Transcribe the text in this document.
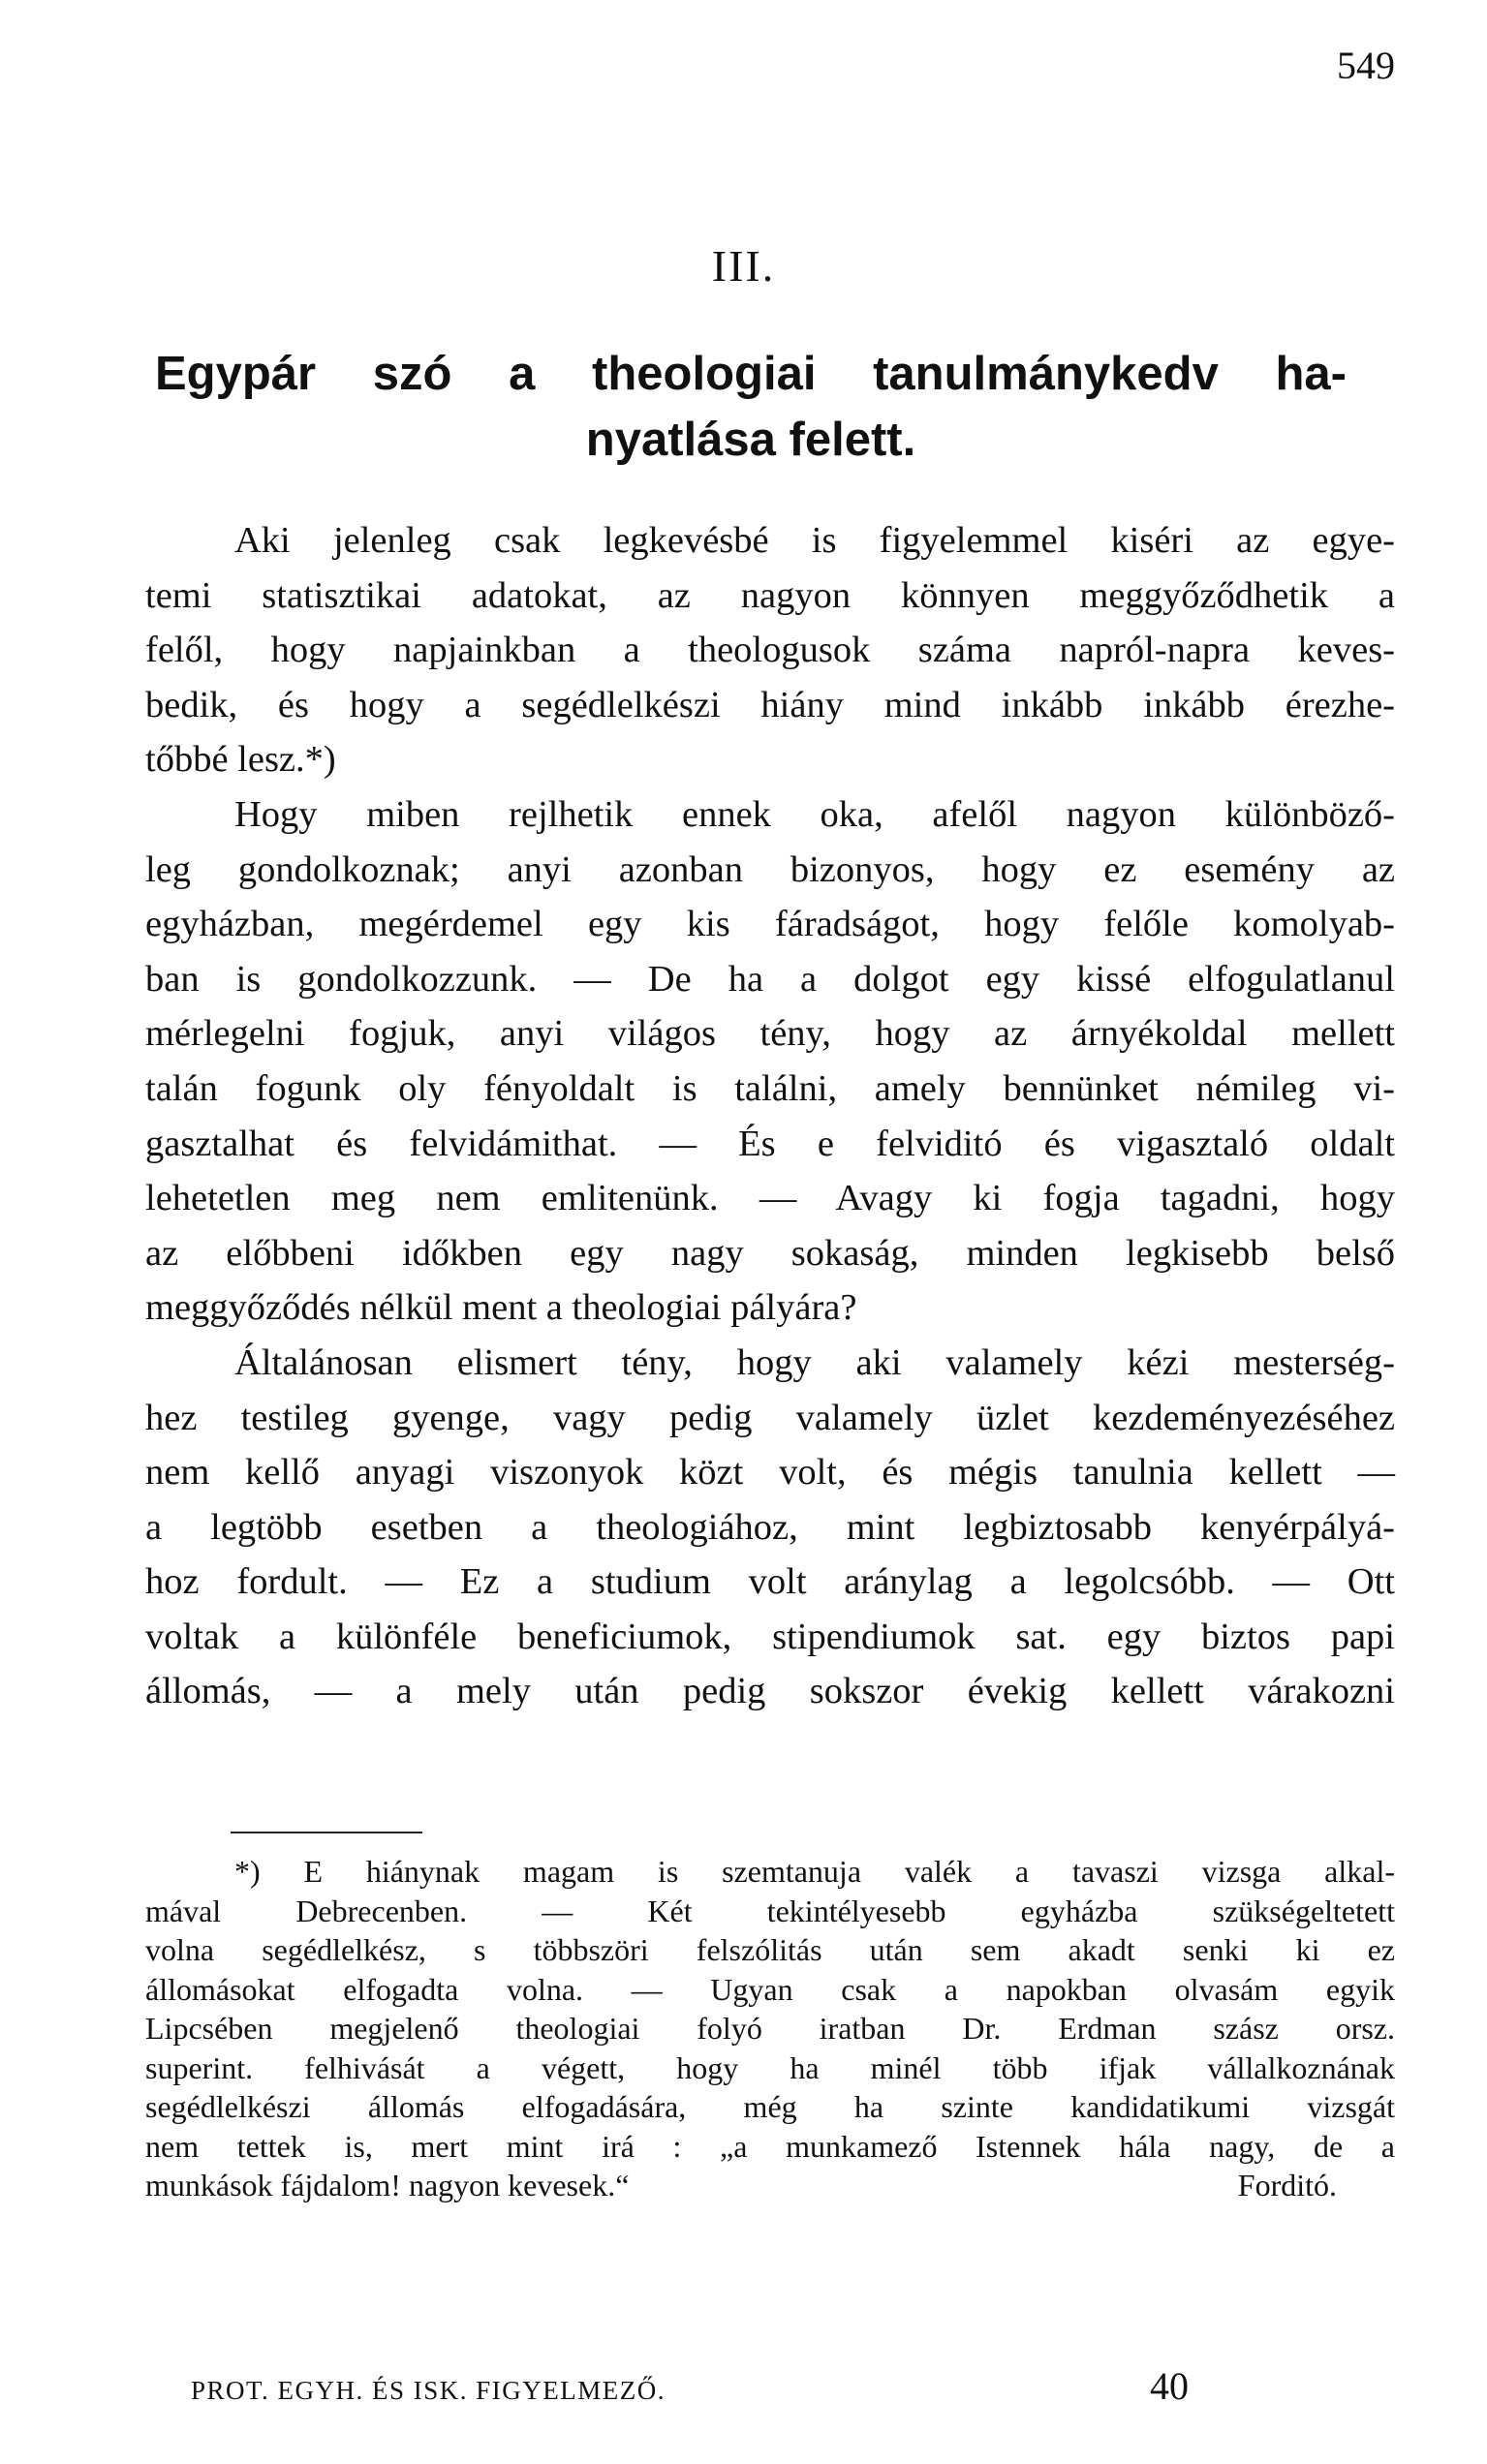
549
III.
Egypár szó a theologiai tanulmánykedv ha-
nyatlása felett.
Aki jelenleg csak legkevésbé is figyelemmel kiséri az egye-
temi statisztikai adatokat, az nagyon könnyen meggyőződhetik a
felől, hogy napjainkban a theologusok száma napról-napra keves-
bedik, és hogy a segédlelkészi hiány mind inkább inkább érezhe-
tőbbé lesz.*)
Hogy miben rejlhetik ennek oka, afelől nagyon különböző-
leg gondolkoznak; anyi azonban bizonyos, hogy ez esemény az
egyházban, megérdemel egy kis fáradságot, hogy felőle komolyab-
ban is gondolkozzunk. — De ha a dolgot egy kissé elfogulatlanul
mérlegelni fogjuk, anyi világos tény, hogy az árnyékoldal mellett
talán fogunk oly fényoldalt is találni, amely bennünket némileg vi-
gasztalhat és felvidámithat. — És e felviditó és vigasztaló oldalt
lehetetlen meg nem emlitenünk. — Avagy ki fogja tagadni, hogy
az előbbeni időkben egy nagy sokaság, minden legkisebb belső
meggyőződés nélkül ment a theologiai pályára?
Általánosan elismert tény, hogy aki valamely kézi mesterség-
hez testileg gyenge, vagy pedig valamely üzlet kezdeményezéséhez
nem kellő anyagi viszonyok közt volt, és mégis tanulnia kellett —
a legtöbb esetben a theologiához, mint legbiztosabb kenyérpályá-
hoz fordult. — Ez a studium volt aránylag a legolcsóbb. — Ott
voltak a különféle beneficiumok, stipendiumok sat. egy biztos papi
állomás, — a mely után pedig sokszor évekig kellett várakozni
*) E hiánynak magam is szemtanuja valék a tavaszi vizsga alkal-
mával Debrecenben. — Két tekintélyesebb egyházba szükségeltetett
volna segédlelkész, s többszöri felszólitás után sem akadt senki ki ez
állomásokat elfogadta volna. — Ugyan csak a napokban olvasám egyik
Lipcsében megjelenő theologiai folyó iratban Dr. Erdman szász orsz.
superint. felhivását a végett, hogy ha minél több ifjak vállalkoznának
segédlelkészi állomás elfogadására, még ha szinte kandidatikumi vizsgát
nem tettek is, mert mint irá : „a munkamező Istennek hála nagy, de a
munkások fájdalom! nagyon kevesek.“	Forditó.
PROT. EGYH. ÉS ISK. FIGYELMEZŐ.	40
